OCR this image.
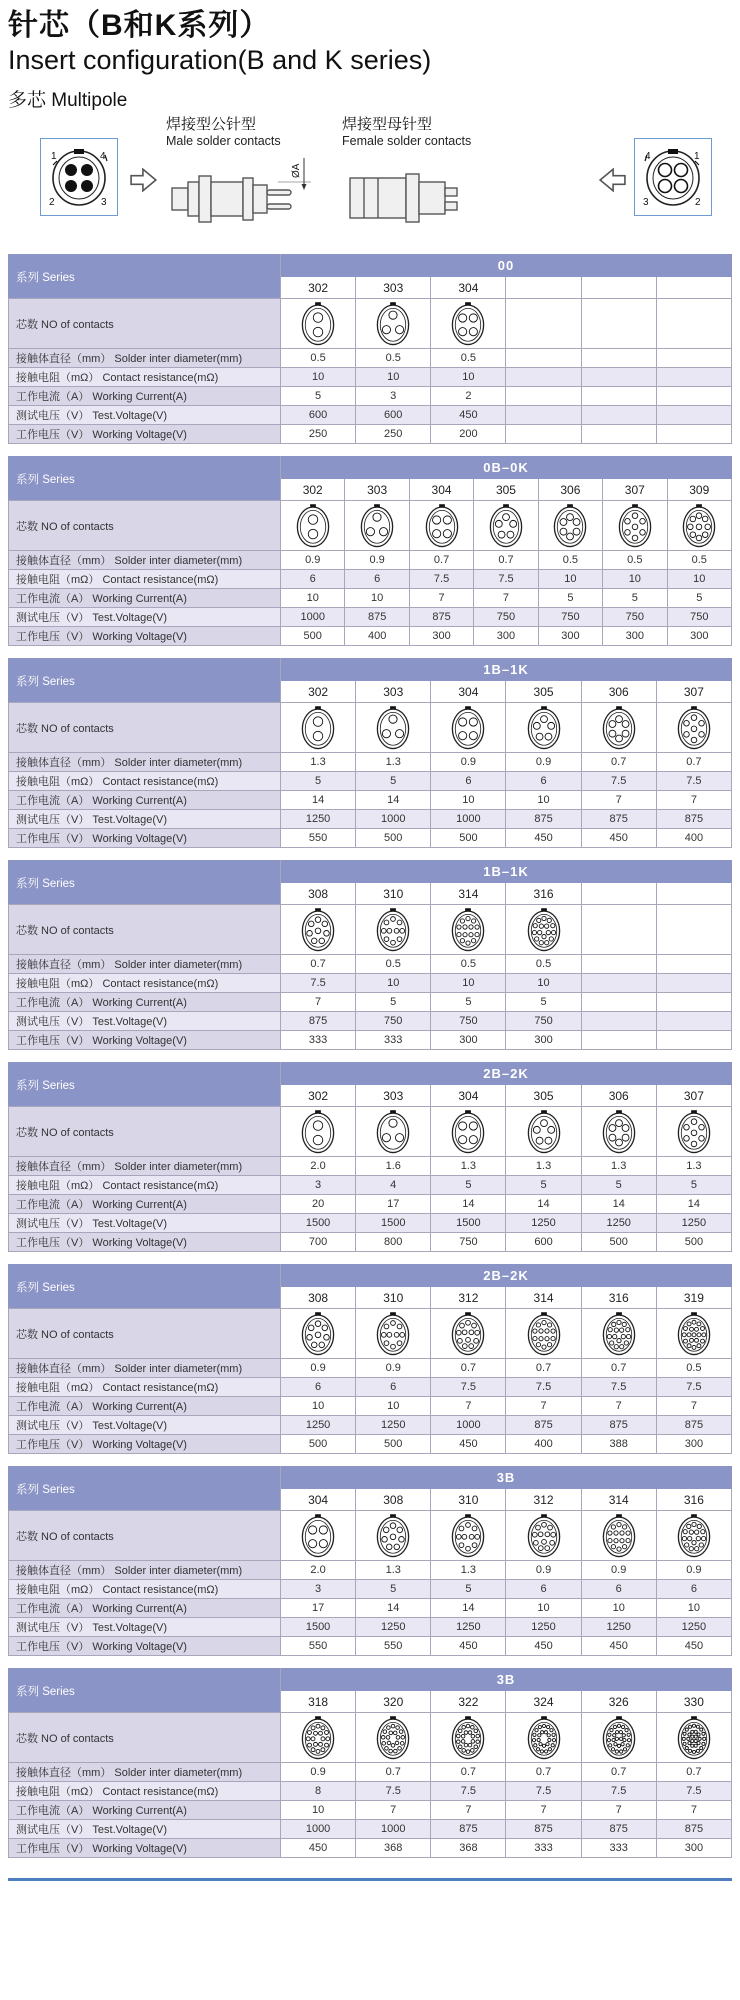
针芯（B和K系列）
Insert configuration(B and K series)
多芯 Multipole
1	4
2	3
焊接型公针型
Male solder contacts
ØA
焊接型母针型
Female solder contacts
4	1
3	2
系列 Series	00					
	302	303	304			
芯数 NO of contacts	

接触体直径（mm） Solder inter diameter(mm)	0.5	0.5	0.5			
接触电阻（mΩ） Contact resistance(mΩ)	10	10	10			
工作电流（A） Working Current(A)	5	3	2			
测试电压（V） Test.Voltage(V)	600	600	450			
工作电压（V） Working Voltage(V)	250	250	200			
系列 Series	0B–0K						
	302	303	304	305	306	307	309
芯数 NO of contacts	

接触体直径（mm） Solder inter diameter(mm)	0.9	0.9	0.7	0.7	0.5	0.5	0.5
接触电阻（mΩ） Contact resistance(mΩ)	6	6	7.5	7.5	10	10	10
工作电流（A） Working Current(A)	10	10	7	7	5	5	5
测试电压（V） Test.Voltage(V)	1000	875	875	750	750	750	750
工作电压（V） Working Voltage(V)	500	400	300	300	300	300	300
系列 Series	1B–1K					
	302	303	304	305	306	307
芯数 NO of contacts	

接触体直径（mm） Solder inter diameter(mm)	1.3	1.3	0.9	0.9	0.7	0.7
接触电阻（mΩ） Contact resistance(mΩ)	5	5	6	6	7.5	7.5
工作电流（A） Working Current(A)	14	14	10	10	7	7
测试电压（V） Test.Voltage(V)	1250	1000	1000	875	875	875
工作电压（V） Working Voltage(V)	550	500	500	450	450	400
系列 Series	1B–1K					
	308	310	314	316		
芯数 NO of contacts	

接触体直径（mm） Solder inter diameter(mm)	0.7	0.5	0.5	0.5		
接触电阻（mΩ） Contact resistance(mΩ)	7.5	10	10	10		
工作电流（A） Working Current(A)	7	5	5	5		
测试电压（V） Test.Voltage(V)	875	750	750	750		
工作电压（V） Working Voltage(V)	333	333	300	300		
系列 Series	2B–2K					
	302	303	304	305	306	307
芯数 NO of contacts	

接触体直径（mm） Solder inter diameter(mm)	2.0	1.6	1.3	1.3	1.3	1.3
接触电阻（mΩ） Contact resistance(mΩ)	3	4	5	5	5	5
工作电流（A） Working Current(A)	20	17	14	14	14	14
测试电压（V） Test.Voltage(V)	1500	1500	1500	1250	1250	1250
工作电压（V） Working Voltage(V)	700	800	750	600	500	500
系列 Series	2B–2K					
	308	310	312	314	316	319
芯数 NO of contacts	

接触体直径（mm） Solder inter diameter(mm)	0.9	0.9	0.7	0.7	0.7	0.5
接触电阻（mΩ） Contact resistance(mΩ)	6	6	7.5	7.5	7.5	7.5
工作电流（A） Working Current(A)	10	10	7	7	7	7
测试电压（V） Test.Voltage(V)	1250	1250	1000	875	875	875
工作电压（V） Working Voltage(V)	500	500	450	400	388	300
系列 Series	3B					
	304	308	310	312	314	316
芯数 NO of contacts	

接触体直径（mm） Solder inter diameter(mm)	2.0	1.3	1.3	0.9	0.9	0.9
接触电阻（mΩ） Contact resistance(mΩ)	3	5	5	6	6	6
工作电流（A） Working Current(A)	17	14	14	10	10	10
测试电压（V） Test.Voltage(V)	1500	1250	1250	1250	1250	1250
工作电压（V） Working Voltage(V)	550	550	450	450	450	450
系列 Series	3B					
	318	320	322	324	326	330
芯数 NO of contacts	

接触体直径（mm） Solder inter diameter(mm)	0.9	0.7	0.7	0.7	0.7	0.7
接触电阻（mΩ） Contact resistance(mΩ)	8	7.5	7.5	7.5	7.5	7.5
工作电流（A） Working Current(A)	10	7	7	7	7	7
测试电压（V） Test.Voltage(V)	1000	1000	875	875	875	875
工作电压（V） Working Voltage(V)	450	368	368	333	333	300
